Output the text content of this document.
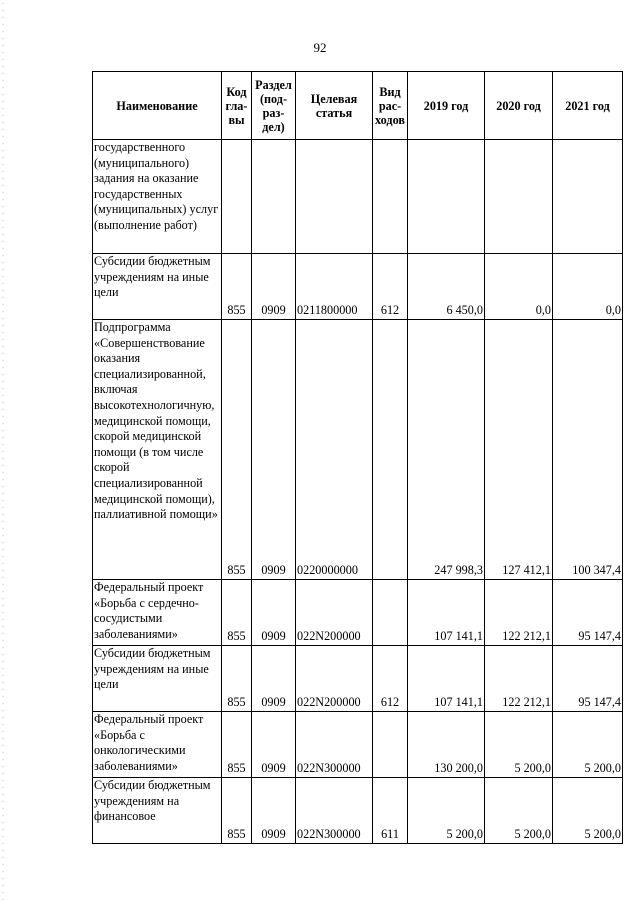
92
Наименование	Код гла- вы	Раздел (под- раз- дел)	Целевая статья	Вид рас- ходов	2019 год	2020 год	2021 год
государственного (муниципального) задания на оказание государственных (муниципальных) услуг (выполнение работ)							
Субсидии бюджетным учреждениям на иные цели	855	0909	0211800000	612	6 450,0	0,0	0,0
Подпрограмма «Совершенствование оказания специализированной, включая высокотехнологичную, медицинской помощи, скорой медицинской помощи (в том числе скорой специализированной медицинской помощи), паллиативной помощи»	855	0909	0220000000		247 998,3	127 412,1	100 347,4
Федеральный проект «Борьба с сердечно-сосудистыми заболеваниями»	855	0909	022N200000		107 141,1	122 212,1	95 147,4
Субсидии бюджетным учреждениям на иные цели	855	0909	022N200000	612	107 141,1	122 212,1	95 147,4
Федеральный проект «Борьба с онкологическими заболеваниями»	855	0909	022N300000		130 200,0	5 200,0	5 200,0
Субсидии бюджетным учреждениям на финансовое	855	0909	022N300000	611	5 200,0	5 200,0	5 200,0
